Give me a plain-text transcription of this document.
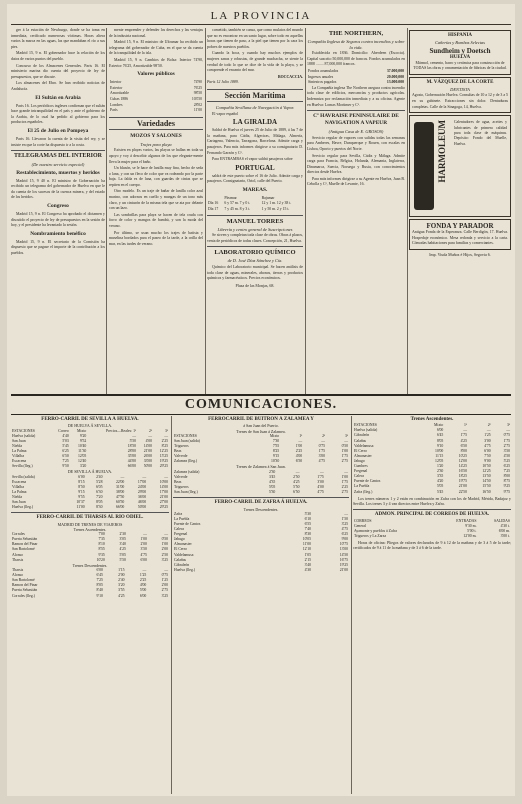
LA PROVINCIA

ger á la estación de Newburgo, donde se ha toma en inmediata, cerificado numerosas víctimas. Horas altera varios la marca en las aguas, las que mandaban el río a sus pies.

Madrid 15, 9 n. El gobernador hace la relación de los datos de varios puntos del pueblo.

Concurso de los Almacenes Generales. Paris 16. El ministerio marina dio cuenta del proyecto de ley de presupuestos, que se discute.

Los almacenes del Ebro. Se han recibido noticias de Andalucía.

El Sultán en Arabia

Paris 16. Los periódicos ingleses confirman que el sultán hace grande intranquilidad en el país y ante el gobierno de la Arabia, de lo cual ha pedido al gobierno para los productos españoles.

El 25 de Julio en Pompeya

Paris 16. Llevaron la cuenta de la visita del rey, y se insiste en que la corte ha dispuesto ir a la costa.

TELEGRAMAS DEL INTERIOR
(De nuestro servicio especial)
Restablecimiento, muertos y heridos

Madrid 15, 9 40 n. El ministro de Gobernación ha recibido un telegrama del gobernador de Huelva en que le da cuenta de los sucesos de la cuenca minera, y del estado de los heridos.

Congreso

Madrid 15, 9 n. El Congreso ha aprobado el dictamen y discutido el proyecto de ley de presupuestos en la sesión de hoy, y el presidente ha levantado la sesión.

Nombramiento benéfico

Madrid 15, 9 n. El secretario de la Comisión ha dispuesto que se pagase el importe de la contribución a los pueblos.

mente emprender y defender los derechos y las ventajas de la industria nacional.

Madrid 15, 9 n. El ministro de Ultramar ha recibido un telegrama del gobernador de Cuba, en el que se da cuenta de la tranquilidad de la isla.

Madrid 15, 9 n. Cambios de Bolsa: Interior 74'90, Exterior 76'25, Amortizable 98'50.

Valores públicos
Interior	74'90
Exterior	76'25
Amortizable	98'50
Cubas 1886	103'50
Londres	28'02
París	11'00
Variedades
MOZOS Y SALONES
Trajes para playa

Existen en playas varios, las playas se hallan en toda su apoyo y voy á describir algunos de los que elegante-mente lleva la mujer para el baño.

Un blusón, se le hace de lanilla muy fina, hecho de seda o lana, y con un fleco de color que va rodeando por la parte baja. La falda es de lana, con guardas de cintas que se repiten en el cuerpo.

Otro modelo. Es un traje de bañar de lanilla color azul marino, con adornos en cuello y mangas de un tono más claro, y un cinturón de la misma tela que se ata por delante con un lazo.

Las sombrillas para playa se hacen de tela cruda con forro de color y mangos de bambú, y son la moda del verano.

Por último, se usan mucho los trajes de batista y muselina bordados para el paseo de la tarde, a la orilla del mar, en las tardes de verano.

cometido, también se cansa, que como mulatos del mundo que no es encontrar en un santo lugar, sobre todo en aquellas horas que tienen de paso, a la piel que tienen por la cara los pobres de nuestros pueblos.

Cuando la boca, y cuando hay muchos ejemplos de mujeres sanas y robustas, de grande muchacha, se siente la verdad de todo lo que se dice de la vida de la playa, y se comprende el encanto del mar.

BOCCACCIA.
París 12 Julio 1889.
Sección Marítima
Compañía Sevillana de Navegación á Vapor.

El vapor español

LA GIRALDA

Saldrá de Huelva el jueves 25 de Julio de 1889, á las 7 de la mañana, para Cádiz, Algeciras, Málaga, Almería, Cartagena, Valencia, Tarragona, Barcelona. Admite carga y pasajeros. Para más informes dirigirse a su consignatario D. Fernando Garzón y Cª.

Para ENTRAMBAS el vapor saldrá pasajeros sobre

PORTUGAL

saldrá de este puerto sobre el 16 de Julio. Admite carga y pasajeros. Consignatario, Oriol, calle del Puerto.

MAREAS.
	Pleamar	Bajamar
Día 16	6 y 57 m. 7 y 0 t.	12 y 1 m. 12 y 38 t.
Día 17	7 y 45 m. 8 y 3 t.	1 y 50 m. 2 y 15 t.
MANUEL TORRES
Librería y centro general de Suscripciones

Se sirven y completan toda clase de obras. Obras á plazos, venta de periódicos de todas clases. Concepción, 21, Huelva.

LABORATORIO QUÍMICO
de D. José Díaz Sánchez y Cía.

Químico del Laboratorio municipal. Se hacen análisis de toda clase de aguas, minerales, abonos, tierras y productos químicos y farmacéuticos. Precios económicos.

Plaza de las Monjas, 68.
THE NORTHERN,
Compañía Inglesa de Seguros contra incendios y sobre la vida.

Establecida en 1836. Domicilio: Aberdeen (Escocia). Capital suscrito 50,000,000 de francos. Fondos acumulados en 1888 ........ 87,000,000 francos.

Fondos acumulados	37.000,000
Ingresos anuales	20.000,000
Siniestros pagados	13.000.000

La Compañía inglesa The Northern asegura contra incendio toda clase de edificios, mercancías y productos agrícolas. Indemniza por reclamación inmediata y a su oficina. Agente en Huelva: Lomas Mortimer y Cª.

Cº HAVRAISE PENINSULAIRE DE NAVIGATION A VAPEUR
(Antigua Casa de E. GROSOS)

Servicio regular de vapores con salidas todas las semanas para Amberes, Havre, Dunquerque y Rouen, con escalas en Lisboa, Oporto y puertos del Norte.

Servicio regular para Sevilla, Cádiz y Málaga. Admite carga para Francia, Bélgica, Holanda, Alemania, Inglaterra, Dinamarca, Suecia, Noruega y Rusia, con conocimientos directos desde Huelva.

Para más informes dirigirse a su Agente en Huelva, Juan B. Cebolla y Cª, Muelle de Levante, 16.

HISPANIA
Cañerías y Bombas Selectas
Sundheim y Doetsch
HUELVA
Mármol, cemento, barro y cerámica para construcción de TODAS las obras y ornamentación de fábricas de la ciudad.
M. VÁZQUEZ DE LA CORTE
DENTISTA
Agosto, Gobernación Huelva. Consultas de 10 a 12 y de 3 a 5 en su gabinete. Extracciones sin dolor. Dentaduras completas. Calle de la Sinagoga, 14, Huelva.
HARMOLEUM	Calentadores de agua, aceites y lubricantes de primera calidad para toda clase de máquinas. Depósito: Fondo del Muelle, Huelva.
FONDA Y PARADOR
Antigua Fonda de la Esperanza. Calle Berdigón, 17. Huelva. Hospedaje económico. Mesa redonda y servicio a la carta. Cómodas habitaciones para familias y comerciantes.
Imp. Viuda Muñoz é Hijos, Segovia 6.
COMUNICACIONES.
FERRO-CARRIL DE SEVILLA Á HUELVA.
DE HUELVA Á SEVILLA.
ESTACIONES	Correo	Mixto	Precios—Reales: 1ª	2ª	3ª
Huelva (salida)	4'40	9'20	—	—	—
San Juan	5'03	9'52	5'50	4'00	2'25
Niebla	5'45	10'40	18'50	14'00	8'25
La Palma	6'25	11'30	28'00	21'00	12'25
Villalba	6'50	12'05	35'00	26'00	15'25
Escacena	7'25	12'40	44'00	33'00	19'25
Sevilla (lleg.)	9'50	3'20	66'00	50'00	29'25
DE SEVILLA Á HUELVA.
Sevilla (salida)	6'00	2'40	—	—	—
Escacena	8'15	5'28	22'00	17'00	10'00
Villalba	8'50	6'05	31'00	24'00	14'00
La Palma	9'15	6'30	38'00	29'00	17'00
Niebla	9'55	7'20	47'50	36'00	21'00
San Juan	10'37	8'05	60'50	46'00	27'00
Huelva (lleg.)	11'00	8'30	66'00	50'00	29'25
FERRO-CARRIL DE THARSIS AL RIO ODIEL.
MADRID DE TRENES DE VIAJEROS
Trenes Ascendentes.
Corrales	7'00	2'30	—	—
Puerta Sebastián	7'35	3'05	1'00	0'50
Ramon del Pinar	8'10	3'40	2'00	1'00
San Bartolomé	8'55	4'25	3'50	2'00
Alonso	9'35	5'05	4'75	2'50
Tharsis	10'20	5'50	6'00	3'25
Trenes Descendentes.
Tharsis	6'00	1'15	—	—
Alonso	6'45	2'00	1'25	0'75
San Bartolomé	7'25	2'40	2'25	1'25
Ramon del Pinar	8'05	3'20	4'00	2'00
Puerta Sebastián	8'40	3'55	5'00	2'75
Corrales (lleg.)	9'10	4'25	6'00	3'25
FERROCARRIL DE BUITRON Á ZALAMEA Y
á San Juan del Puerto.
Trenes de San Juan á Zalamea.
ESTACIONES	Mixto	1ª	2ª	3ª
San Juan (salida)	7'30	—	—	—
Trigueros	7'55	1'00	0'75	0'50
Beas	8'25	2'25	1'75	1'00
Valverde	9'15	4'00	3'00	1'75
Zalamea (lleg.)	10'30	6'50	4'75	2'75
Trenes de Zalamea á San Juan.
Zalamea (salida)	2'30	—	—	—
Valverde	3'45	2'50	1'75	1'00
Beas	4'35	4'25	3'00	1'75
Trigueros	5'05	5'50	4'00	2'25
San Juan (lleg.)	5'30	6'50	4'75	2'75
FERRO-CARRIL DE ZAFRA Á HUELVA.
Trenes Descendentes.
Zafra	5'30	—
La Puebla	6'10	1'50
Fuente de Cantos	6'55	3'25
Calera	7'40	4'75
Fregenal	8'30	6'25
Jabugo	10'05	9'00
Almonaster	11'00	10'75
El Cerro	12'10	13'00
Valdelamusa	1'05	14'50
Calañas	2'15	16'75
Gibraleón	3'40	19'25
Huelva (lleg.)	4'30	21'00
Trenes Ascendentes.
ESTACIONES	Mixto	1ª	2ª	3ª
Huelva (salida)	6'00	—	—	—
Gibraleón	6'45	1'75	1'25	0'75
Calañas	8'05	4'25	3'00	1'75
Valdelamusa	9'10	6'50	4'75	2'75
El Cerro	10'00	8'00	6'00	3'50
Almonaster	11'15	10'25	7'50	4'50
Jabugo	12'05	12'00	9'00	5'25
Cumbres	1'20	14'25	10'50	6'25
Fregenal	2'30	16'50	12'25	7'25
Calera	3'35	18'25	13'50	8'00
Fuente de Cantos	4'20	19'75	14'50	8'75
La Puebla	5'05	21'00	15'50	9'25
Zafra (lleg.)	5'45	22'50	16'50	9'75

Los trenes números 1 y 2 están en combinación en Zafra con los de Madrid, Mérida, Badajoz y Sevilla. Los trenes 3 y 4 van directos entre Huelva y Zafra.

ADMON. PRINCIPAL DE CORREOS DE HUELVA.
CORREOS	ENTRADAS	SALIDAS
General	9'30 m.	4'30 t.
Ayamonte y pueblos á Zafra	5'00 t.	6'00 m.
Trigueros y La Zarza	12'00 m.	3'00 t.

Horas de oficina: Pliegos de valores declarados de 9 á 12 de la mañana y de 3 á 5 de la tarde; certificados de 9 á 11 de la mañana y de 3 á 6 de la tarde.
